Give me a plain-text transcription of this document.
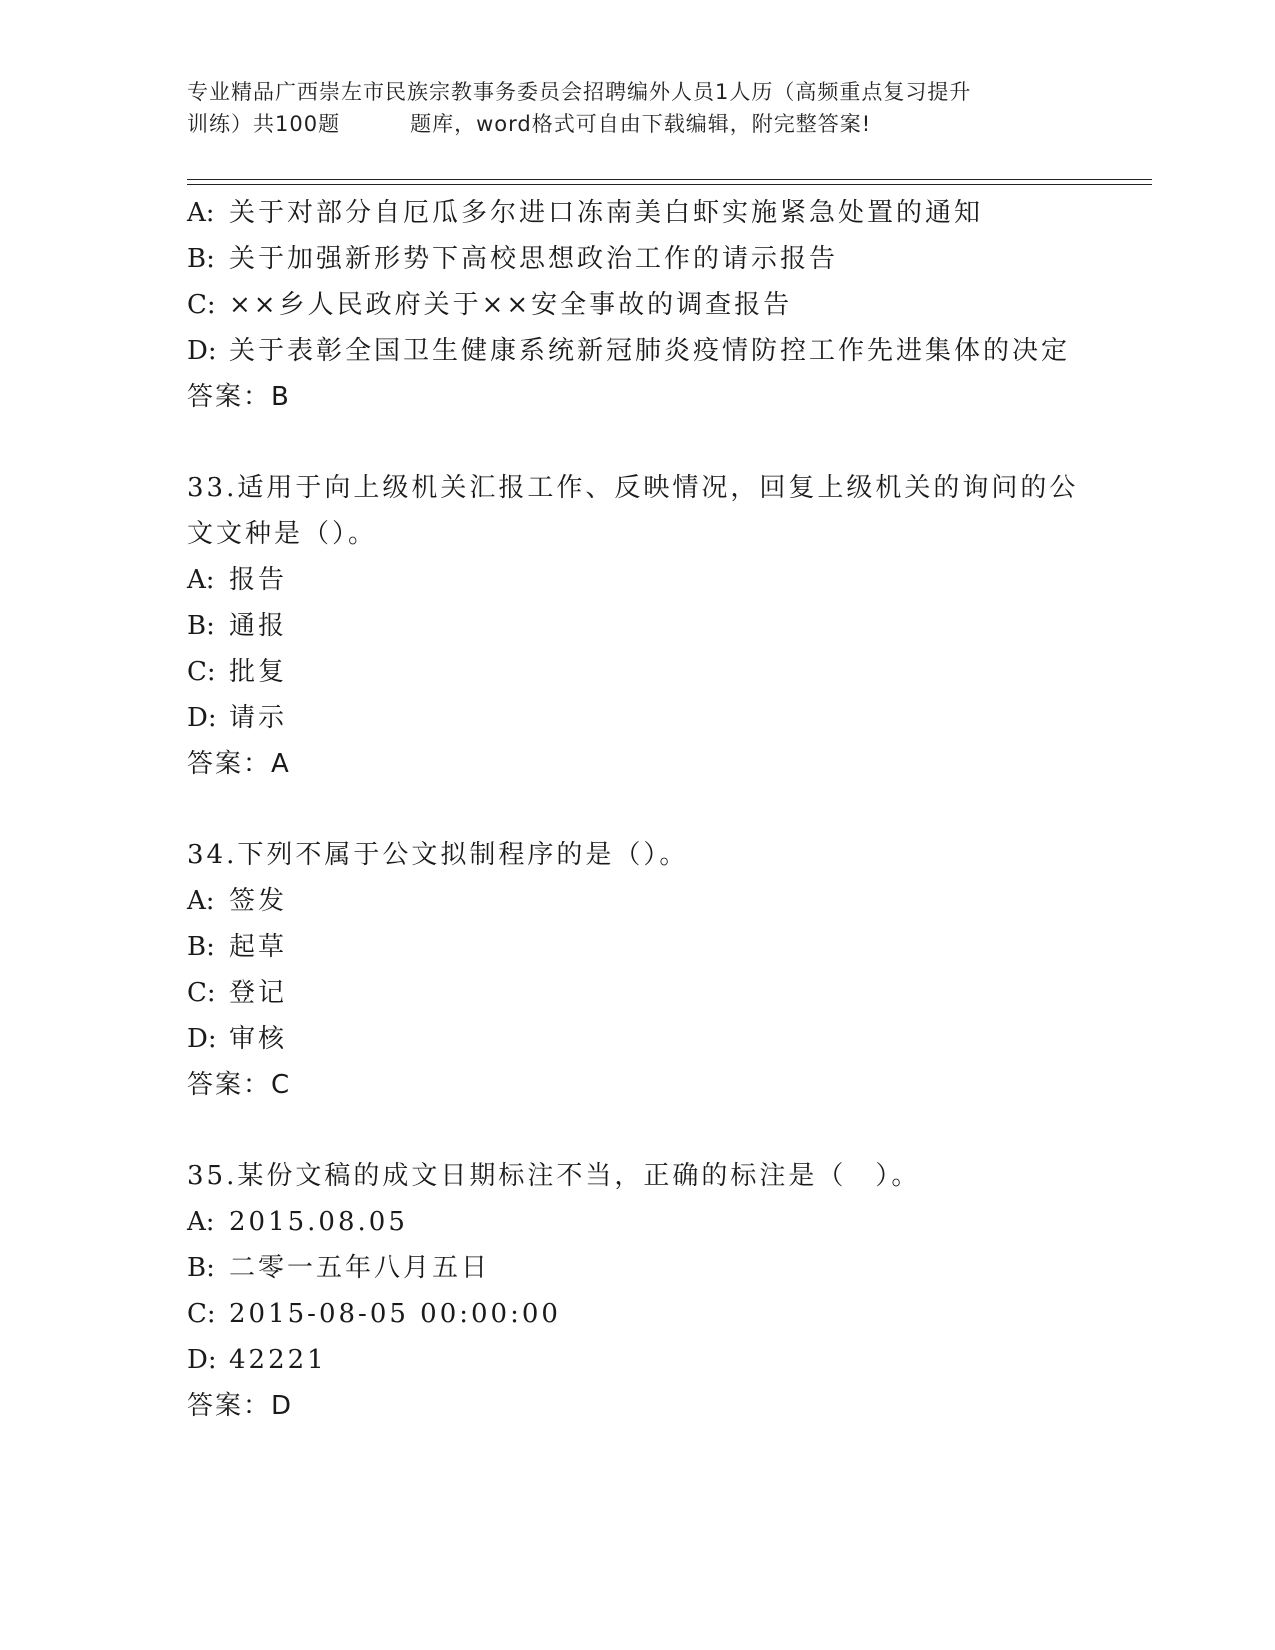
专业精品广西崇左市民族宗教事务委员会招聘编外人员1人历（高频重点复习提升
训练）共100题	题库，word格式可自由下载编辑，附完整答案!
A: 关于对部分自厄瓜多尔进口冻南美白虾实施紧急处置的通知
B: 关于加强新形势下高校思想政治工作的请示报告
C: ××乡人民政府关于××安全事故的调查报告
D: 关于表彰全国卫生健康系统新冠肺炎疫情防控工作先进集体的决定
答案：B
33.适用于向上级机关汇报工作、反映情况，回复上级机关的询问的公
文文种是（）。
A: 报告
B: 通报
C: 批复
D: 请示
答案：A
34.下列不属于公文拟制程序的是（）。
A: 签发
B: 起草
C: 登记
D: 审核
答案：C
35.某份文稿的成文日期标注不当，正确的标注是（　）。
A: 2015.08.05
B: 二零一五年八月五日
C: 2015-08-05 00:00:00
D: 42221
答案：D
